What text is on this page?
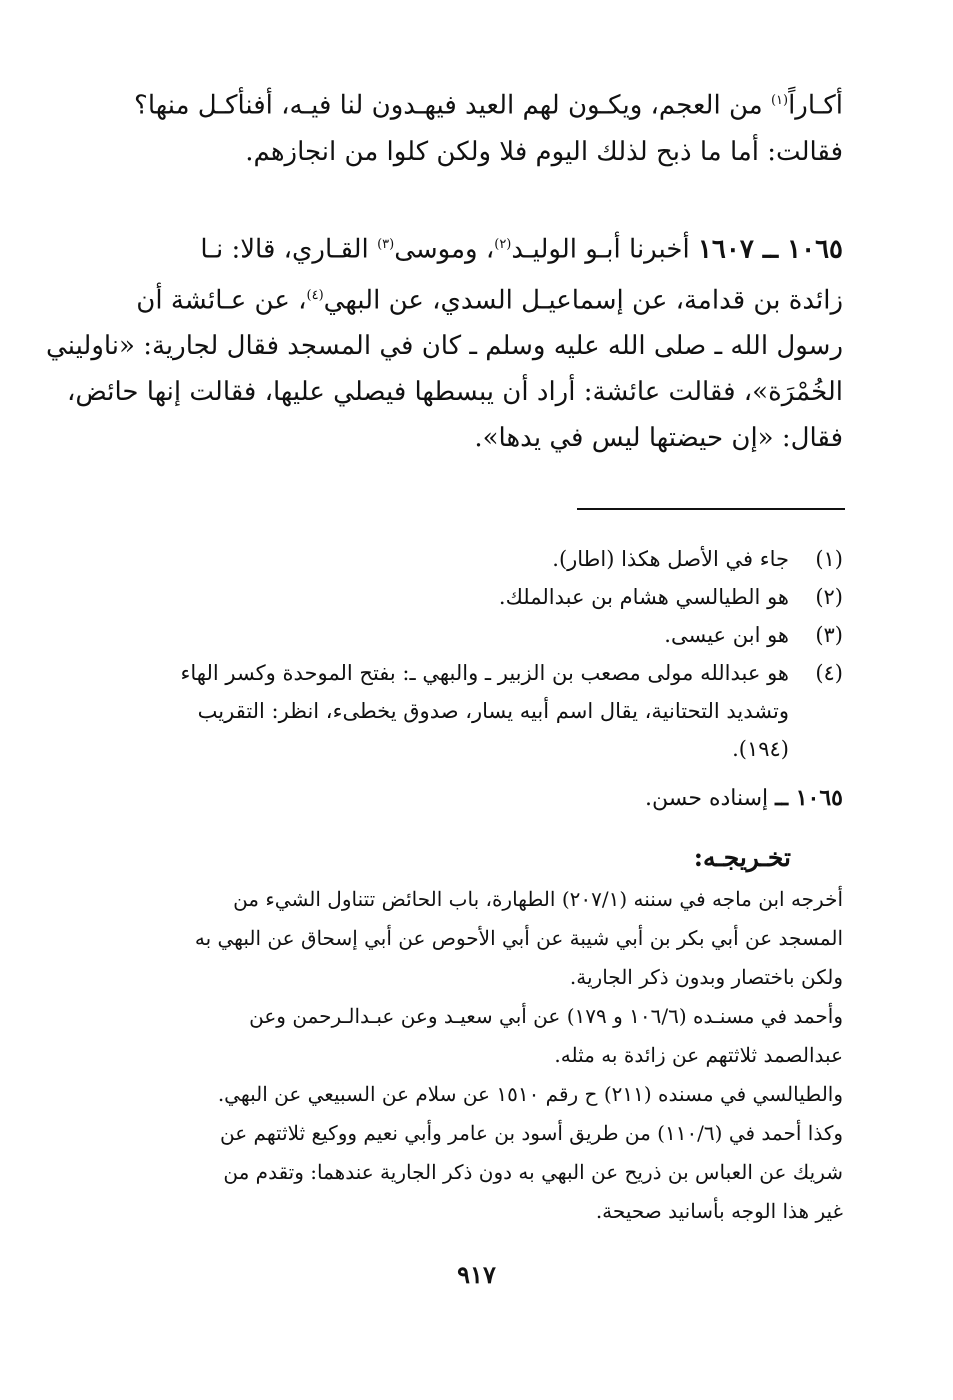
أكـاراً$^{(١)}$ من العجم، ويكـون لهم العيد فيهـدون لنا فيـه، أفنأكـل منها؟
فقالت: أما ما ذبح لذلك اليوم فلا ولكن كلوا من انجازهم.
١٠٦٥ ــ ١٦٠٧ أخبرنا أبـو الوليـد$^{(٢)}$، وموسى$^{(٣)}$ القـاري، قالا: نـا
زائدة بن قدامة، عن إسماعيـل السدي، عن البهي$^{(٤)}$، عن عـائشة أن
رسول الله ـ صلى الله عليه وسلم ـ كان في المسجد فقال لجارية: «ناوليني
الخُمْرَة»، فقالت عائشة: أراد أن يبسطها فيصلي عليها، فقالت إنها حائض،
فقال: «إن حيضتها ليس في يدها».
(١)
جاء في الأصل هكذا (اطار).
(٢)
هو الطيالسي هشام بن عبدالملك.
(٣)
هو ابن عيسى.
(٤)
هو عبدالله مولى مصعب بن الزبير ـ والبهي ـ: بفتح الموحدة وكسر الهاء وتشديد التحتانية، يقال اسم أبيه يسار، صدوق يخطىء، انظر: التقريب (١٩٤).
١٠٦٥ ــ إسناده حسن.
تخـريجـه:
أخرجه ابن ماجه في سننه (٢٠٧/١) الطهارة، باب الحائض تتناول الشيء من
المسجد عن أبي بكر بن أبي شيبة عن أبي الأحوص عن أبي إسحاق عن البهي به
ولكن باختصار وبدون ذكر الجارية.
وأحمد في مسنـده (١٠٦/٦ و ١٧٩) عن أبي سعيـد وعن عبـدالـرحمن وعن
عبدالصمد ثلاثتهم عن زائدة به مثله.
والطيالسي في مسنده (٢١١) ح رقم ١٥١٠ عن سلام عن السبيعي عن البهي.
وكذا أحمد في (١١٠/٦) من طريق أسود بن عامر وأبي نعيم ووكيع ثلاثتهم عن
شريك عن العباس بن ذريح عن البهي به دون ذكر الجارية عندهما: وتقدم من
غير هذا الوجه بأسانيد صحيحة.
٩١٧
